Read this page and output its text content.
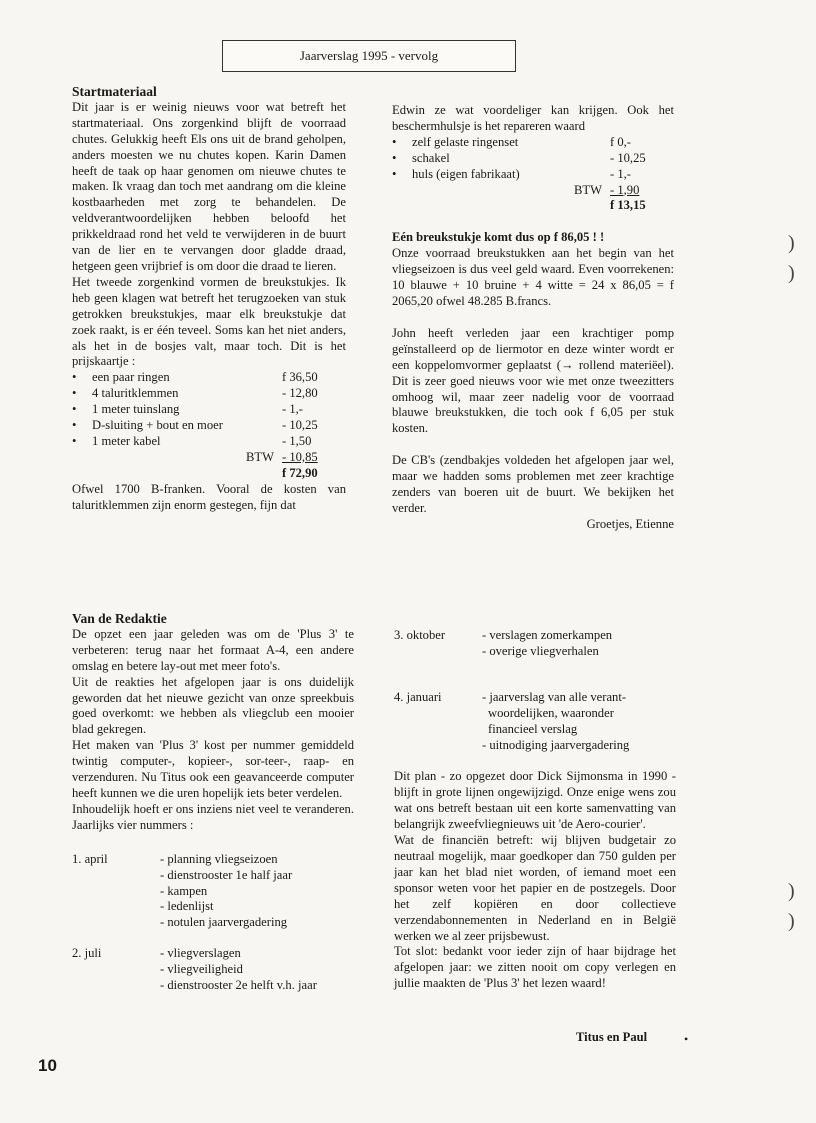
Jaarverslag 1995 - vervolg

Startmateriaal

Dit jaar is er weinig nieuws voor wat betreft het startmateriaal. Ons zorgenkind blijft de voorraad chutes. Gelukkig heeft Els ons uit de brand geholpen, anders moesten we nu chutes kopen. Karin Damen heeft de taak op haar genomen om nieuwe chutes te maken. Ik vraag dan toch met aandrang om die kleine kostbaarheden met zorg te behandelen. De veldverantwoordelijken hebben beloofd het prikkeldraad rond het veld te verwijderen in de buurt van de lier en te vervangen door gladde draad, hetgeen geen vrijbrief is om door die draad te lieren.

Het tweede zorgenkind vormen de breukstukjes. Ik heb geen klagen wat betreft het terugzoeken van stuk getrokken breukstukjes, maar elk breukstukje dat zoek raakt, is er één teveel. Soms kan het niet anders, als het in de bosjes valt, maar toch. Dit is het prijskaartje :

•	een paar ringen	f 36,50
•	4 taluritklemmen	- 12,80
•	1 meter tuinslang	- 1,-
•	D-sluiting + bout en moer	- 10,25
•	1 meter kabel	- 1,50
BTW - 10,85
f 72,90

Ofwel 1700 B-franken. Vooral de kosten van taluritklemmen zijn enorm gestegen, fijn dat

Edwin ze wat voordeliger kan krijgen. Ook het beschermhulsje is het repareren waard

•	zelf gelaste ringenset	f 0,-
•	schakel	- 10,25
•	huls (eigen fabrikaat)	- 1,-
BTW - 1,90
f 13,15

Eén breukstukje komt dus op f 86,05 ! !

Onze voorraad breukstukken aan het begin van het vliegseizoen is dus veel geld waard. Even voorrekenen: 10 blauwe + 10 bruine + 4 witte = 24 x 86,05 = f 2065,20 ofwel 48.285 B.francs.

John heeft verleden jaar een krachtiger pomp geïnstalleerd op de liermotor en deze winter wordt er een koppelomvormer geplaatst (→ rollend materiëel). Dit is zeer goed nieuws voor wie met onze tweezitters omhoog wil, maar zeer nadelig voor de voorraad blauwe breukstukken, die toch ook f 6,05 per stuk kosten.

De CB's (zendbakjes voldeden het afgelopen jaar wel, maar we hadden soms problemen met zeer krachtige zenders van boeren uit de buurt. We bekijken het verder.

Groetjes, Etienne

Van de Redaktie

De opzet een jaar geleden was om de 'Plus 3' te verbeteren: terug naar het formaat A-4, een andere omslag en betere lay-out met meer foto's.

Uit de reakties het afgelopen jaar is ons duidelijk geworden dat het nieuwe gezicht van onze spreekbuis goed overkomt: we hebben als vliegclub een mooier blad gekregen.

Het maken van 'Plus 3' kost per nummer gemiddeld twintig computer-, kopieer-, sor-teer-, raap- en verzenduren. Nu Titus ook een geavanceerde computer heeft kunnen we die uren hopelijk iets beter verdelen.

Inhoudelijk hoeft er ons inziens niet veel te veranderen. Jaarlijks vier nummers :

1. april	- planning vliegseizoen
	- dienstrooster 1e half jaar
	- kampen
	- ledenlijst
	- notulen jaarvergadering

2. juli	- vliegverslagen
	- vliegveiligheid
	- dienstrooster 2e helft v.h. jaar
3. oktober	- verslagen zomerkampen
	- overige vliegverhalen

4. januari	- jaarverslag van alle verant-
	woordelijken, waaronder
	financieel verslag
	- uitnodiging jaarvergadering

Dit plan - zo opgezet door Dick Sijmonsma in 1990 - blijft in grote lijnen ongewijzigd. Onze enige wens zou wat ons betreft bestaan uit een korte samenvatting van belangrijk zweefvliegnieuws uit 'de Aero-courier'.

Wat de financiën betreft: wij blijven budgetair zo neutraal mogelijk, maar goedkoper dan 750 gulden per jaar kan het blad niet worden, of iemand moet een sponsor weten voor het papier en de postzegels. Door het zelf kopiëren en door collectieve verzendabonnementen in Nederland en in België werken we al zeer prijsbewust.

Tot slot: bedankt voor ieder zijn of haar bijdrage het afgelopen jaar: we zitten nooit om copy verlegen en jullie maakten de 'Plus 3' het lezen waard!

Titus en Paul	•
)
)
)
)
10
